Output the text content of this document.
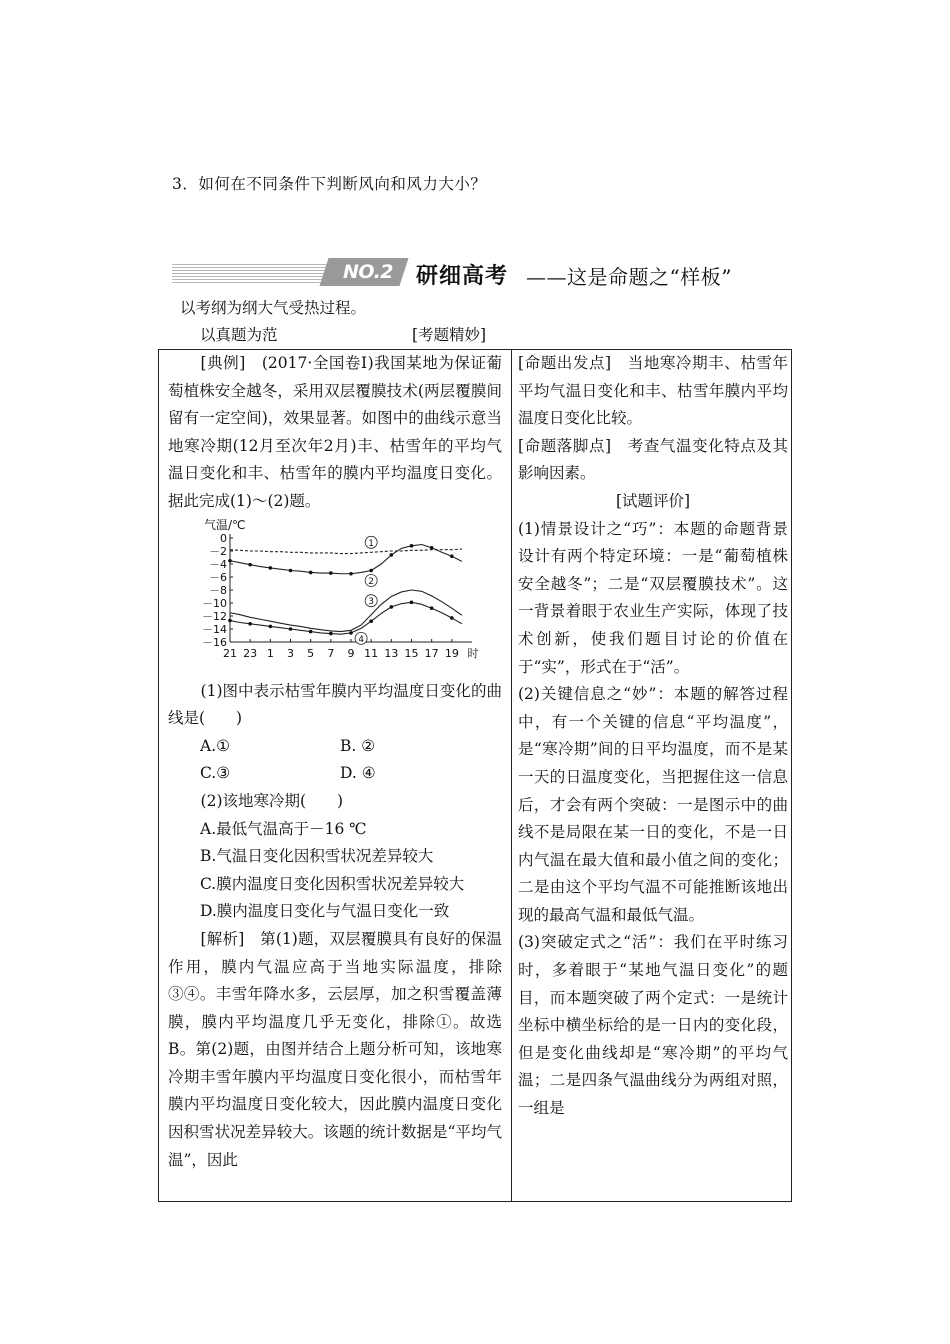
3．如何在不同条件下判断风向和风力大小？
NO.2	研细高考 ——这是命题之“样板”
以考纲为纲大气受热过程。
以真题为范	[考题精妙]

[典例]　(2017·全国卷Ⅰ)我国某地为保证葡萄植株安全越冬，采用双层覆膜技术(两层覆膜间留有一定空间)，效果显著。如图中的曲线示意当地寒冷期(12月至次年2月)丰、枯雪年的平均气温日变化和丰、枯雪年的膜内平均温度日变化。据此完成(1)～(2)题。

气温/℃
0
－2
－4
－6
－8
－10
－12
－14
－16
21 23 1 3 5 7 9 11 13 15 17 19 时
1
2
3
4

(1)图中表示枯雪年膜内平均温度日变化的曲线是(　　)

A.①	B. ②
C.③	D. ④

(2)该地寒冷期(　　)

A.最低气温高于－16 ℃

B.气温日变化因积雪状况差异较大

C.膜内温度日变化因积雪状况差异较大

D.膜内温度日变化与气温日变化一致

[解析]　第(1)题，双层覆膜具有良好的保温作用，膜内气温应高于当地实际温度，排除③④。丰雪年降水多，云层厚，加之积雪覆盖薄膜，膜内平均温度几乎无变化，排除①。故选B。第(2)题，由图并结合上题分析可知，该地寒冷期丰雪年膜内平均温度日变化很小，而枯雪年膜内平均温度日变化较大，因此膜内温度日变化因积雪状况差异较大。该题的统计数据是“平均气温”，因此

[命题出发点]　当地寒冷期丰、枯雪年平均气温日变化和丰、枯雪年膜内平均温度日变化比较。

[命题落脚点]　考查气温变化特点及其影响因素。

[试题评价]

(1)情景设计之“巧”：本题的命题背景设计有两个特定环境：一是“葡萄植株安全越冬”；二是“双层覆膜技术”。这一背景着眼于农业生产实际，体现了技术创新，使我们题目讨论的价值在于“实”，形式在于“活”。

(2)关键信息之“妙”：本题的解答过程中，有一个关键的信息“平均温度”，是“寒冷期”间的日平均温度，而不是某一天的日温度变化，当把握住这一信息后，才会有两个突破：一是图示中的曲线不是局限在某一日的变化，不是一日内气温在最大值和最小值之间的变化；二是由这个平均气温不可能推断该地出现的最高气温和最低气温。

(3)突破定式之“活”：我们在平时练习时，多着眼于“某地气温日变化”的题目，而本题突破了两个定式：一是统计坐标中横坐标给的是一日内的变化段，但是变化曲线却是“寒冷期”的平均气温；二是四条气温曲线分为两组对照，一组是
